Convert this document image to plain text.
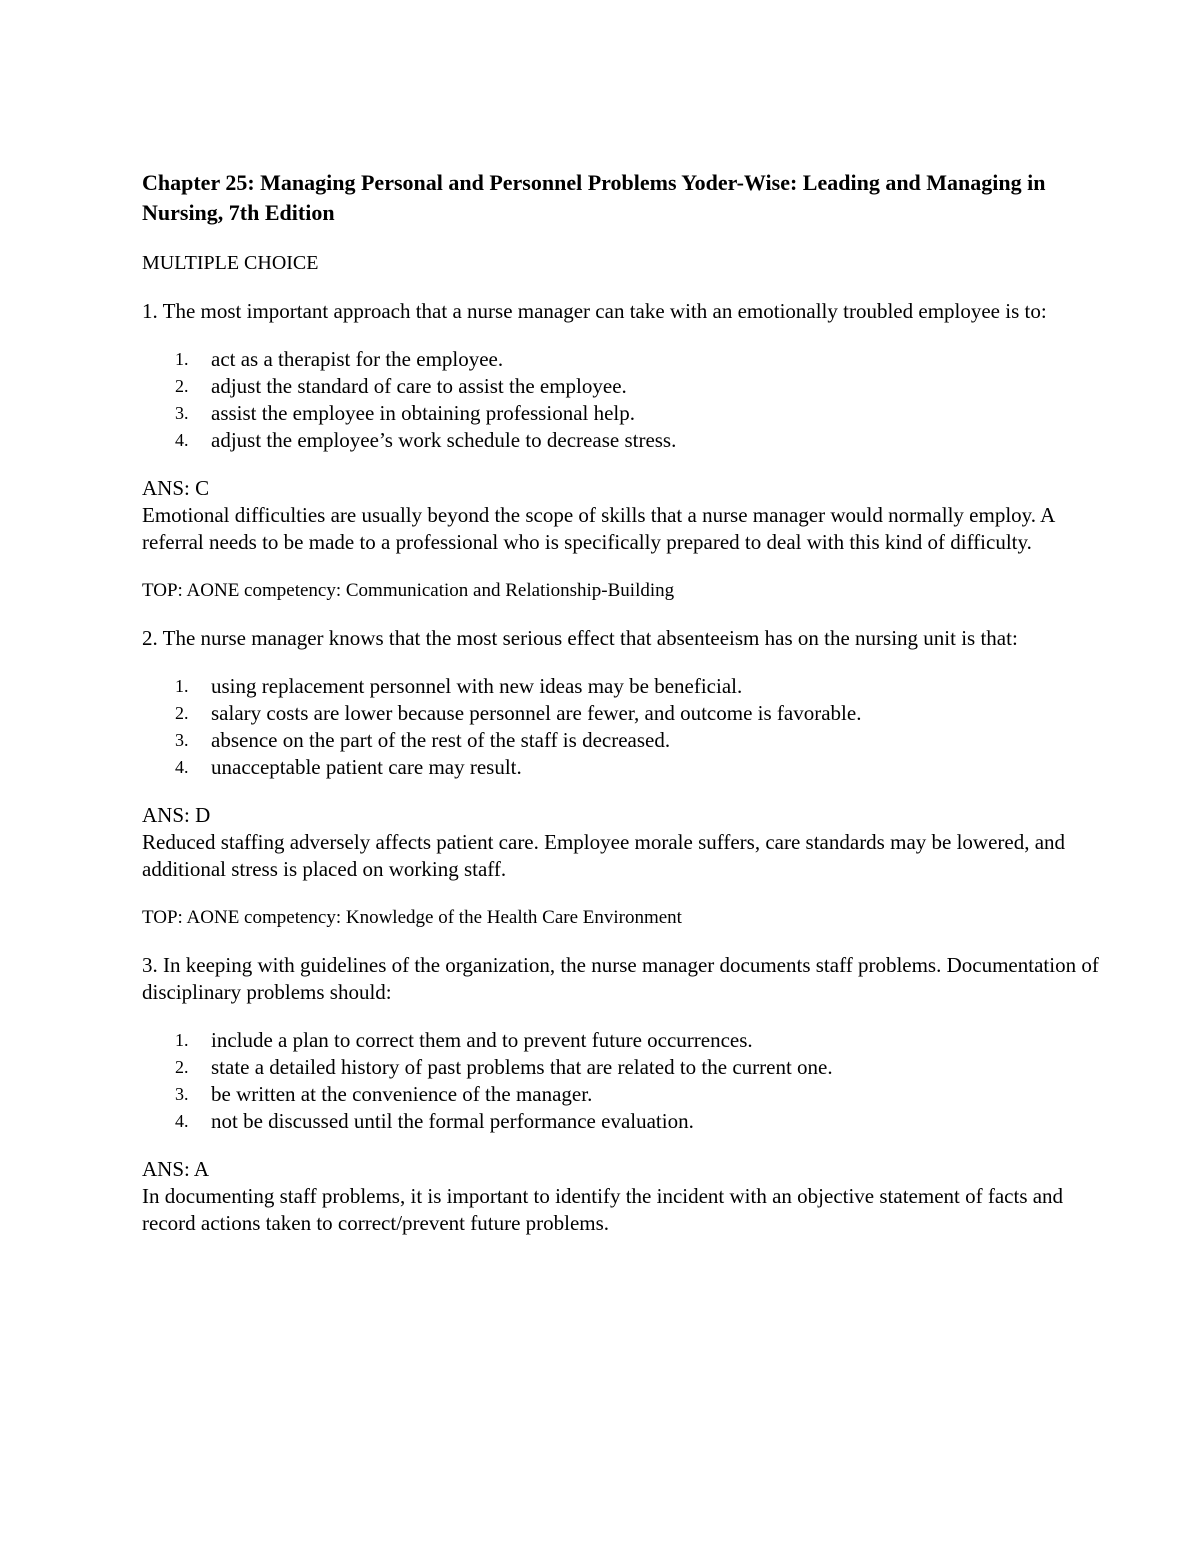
Chapter 25: Managing Personal and Personnel Problems Yoder-Wise: Leading and Managing in Nursing, 7th Edition

MULTIPLE CHOICE

1. The most important approach that a nurse manager can take with an emotionally troubled employee is to:

1. act as a therapist for the employee.
2. adjust the standard of care to assist the employee.
3. assist the employee in obtaining professional help.
4. adjust the employee’s work schedule to decrease stress.

ANS: C

Emotional difficulties are usually beyond the scope of skills that a nurse manager would normally employ. A referral needs to be made to a professional who is specifically prepared to deal with this kind of difficulty.

TOP: AONE competency: Communication and Relationship-Building

2. The nurse manager knows that the most serious effect that absenteeism has on the nursing unit is that:

1. using replacement personnel with new ideas may be beneficial.
2. salary costs are lower because personnel are fewer, and outcome is favorable.
3. absence on the part of the rest of the staff is decreased.
4. unacceptable patient care may result.

ANS: D

Reduced staffing adversely affects patient care. Employee morale suffers, care standards may be lowered, and additional stress is placed on working staff.

TOP: AONE competency: Knowledge of the Health Care Environment

3. In keeping with guidelines of the organization, the nurse manager documents staff problems. Documentation of disciplinary problems should:

1. include a plan to correct them and to prevent future occurrences.
2. state a detailed history of past problems that are related to the current one.
3. be written at the convenience of the manager.
4. not be discussed until the formal performance evaluation.

ANS: A

In documenting staff problems, it is important to identify the incident with an objective statement of facts and record actions taken to correct/prevent future problems.
